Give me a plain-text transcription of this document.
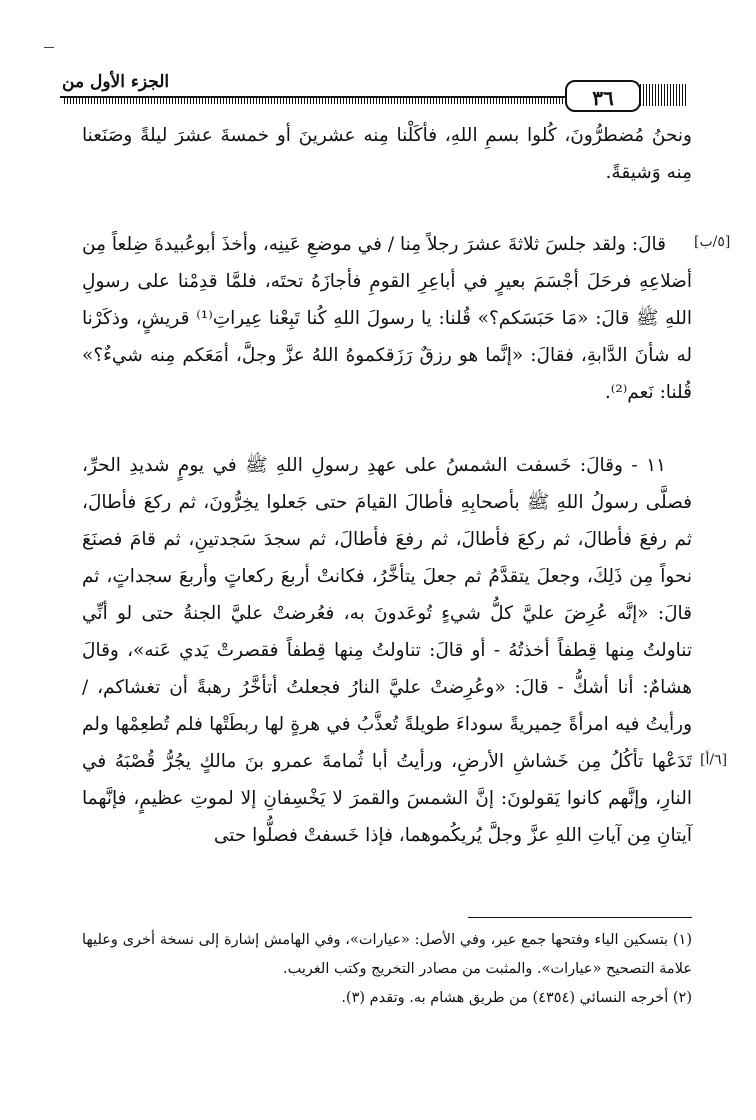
الجزء الأول من
٣٦

ونحنُ مُضطرُّونَ، كُلوا بسمِ اللهِ، فأكَلْنا مِنه عشرينَ أو خمسةَ عشرَ ليلةً وصَنَعنا مِنه وَشيقةً.

[٥/ب]

قالَ: ولقد جلسَ ثلاثةَ عشرَ رجلاً مِنا / في موضعِ عَينِه، وأخذَ أبوعُبيدةَ ضِلعاً مِن أضلاعِهِ فرحَلَ أجْسَمَ بعيرٍ في أباعِرِ القومِ فأجازَهُ تحتَه، فلمَّا قدِمْنا على رسولِ اللهِ ﷺ قالَ: «مَا حَبَسَكم؟» قُلنا: يا رسولَ اللهِ كُنا تَبِعْنا عِيراتِ⁽¹⁾ قريشٍ، وذكَرْنا له شأنَ الدَّابةِ، فقالَ: «إنَّما هو رزقٌ رَزَقكموهُ اللهُ عزَّ وجلَّ، أمَعَكم مِنه شيءٌ؟» قُلنا: نَعم⁽²⁾.

[٦/أ]

١١ - وقالَ: خَسفت الشمسُ على عهدِ رسولِ اللهِ ﷺ في يومٍ شديدِ الحرِّ، فصلَّى رسولُ اللهِ ﷺ بأصحابِهِ فأطالَ القيامَ حتى جَعلوا يخِرُّونَ، ثم ركعَ فأطالَ، ثم رفعَ فأطالَ، ثم ركعَ فأطالَ، ثم رفعَ فأطالَ، ثم سجدَ سَجدتينِ، ثم قامَ فصنَعَ نحواً مِن ذَلِكَ، وجعلَ يتقدَّمُ ثم جعلَ يتأخَّرُ، فكانتْ أربعَ ركعاتٍ وأربعَ سجداتٍ، ثم قالَ: «إنَّه عُرِضَ عليَّ كلُّ شيءٍ تُوعَدونَ به، فعُرضتْ عليَّ الجنةُ حتى لو أنِّي تناولتُ مِنها قِطفاً أخذتُهُ - أو قالَ: تناولتُ مِنها قِطفاً فقصرتْ يَدي عَنه»، وقالَ هشامٌ: أنا أشكُّ - قالَ: «وعُرِضتْ عليَّ النارُ فجعلتُ أتأخَّرُ رهبةً أن تغشاكم، / ورأيتُ فيه امرأةً حِميريةً سوداءَ طويلةً تُعذَّبُ في هرةٍ لها ربطَتْها فلم تُطعِمْها ولم تَدَعْها تأكُلُ مِن خَشاشِ الأرضِ، ورأيتُ أبا ثُمامةَ عمرو بنَ مالكٍ يجُرُّ قُصْبَهُ في النارِ، وإنَّهم كانوا يَقولونَ: إنَّ الشمسَ والقمرَ لا يَخْسِفانِ إلا لموتِ عظيمٍ، فإنَّهما آيتانِ مِن آياتِ اللهِ عزَّ وجلَّ يُريكُموهما، فإذا خَسفتْ فصلُّوا حتى

(١) بتسكين الياء وفتحها جمع عير، وفي الأصل: «عيارات»، وفي الهامش إشارة إلى نسخة أخرى وعليها علامة التصحيح «عيارات». والمثبت من مصادر التخريج وكتب الغريب.

(٢) أخرجه النسائي (٤٣٥٤) من طريق هشام به. وتقدم (٣).
